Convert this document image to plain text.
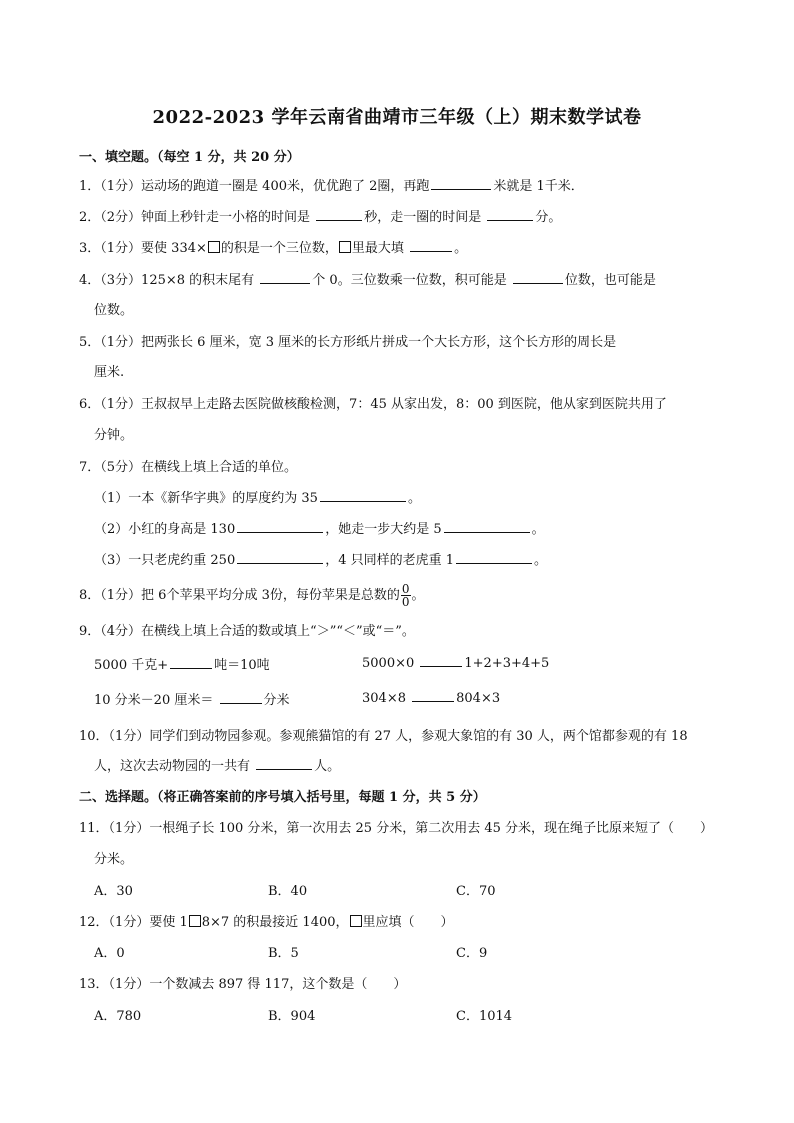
2022-2023 学年云南省曲靖市三年级（上）期末数学试卷
一、填空题。（每空 1 分，共 20 分）
1．（1分）运动场的跑道一圈是 400米，优优跑了 2圈，再跑	米就是 1千米．
2．（2分）钟面上秒针走一小格的时间是	秒，走一圈的时间是	分。
3．（1分）要使 334× 的积是一个三位数， 里最大填	。
4．（3分）125×8 的积末尾有	个 0。三位数乘一位数，积可能是	位数，也可能是
位数。
5．（1分）把两张长 6 厘米，宽 3 厘米的长方形纸片拼成一个大长方形，这个长方形的周长是
厘米.
6．（1分）王叔叔早上走路去医院做核酸检测，7：45 从家出发，8：00 到医院，他从家到医院共用了
分钟。
7．（5分）在横线上填上合适的单位。
（1）一本《新华字典》的厚度约为 35	。
（2）小红的身高是 130	，她走一步大约是 5	。
（3）一只老虎约重 250	，4 只同样的老虎重 1	。
8．（1分）把 6个苹果平均分成 3份，每份苹果是总数的 $\frac{0}{0}$ 。
9．（4分）在横线上填上合适的数或填上“＞”“＜”或“＝”。
5000 千克+	吨＝10吨	5000×0	1+2+3+4+5
10 分米－20 厘米＝	分米	304×8	804×3
10．（1分）同学们到动物园参观。参观熊猫馆的有 27 人，参观大象馆的有 30 人，两个馆都参观的有 18
人，这次去动物园的一共有	人。
二、选择题。（将正确答案前的序号填入括号里，每题 1 分，共 5 分）
11．（1分）一根绳子长 100 分米，第一次用去 25 分米，第二次用去 45 分米，现在绳子比原来短了（　　）
分米。
A．30	B．40	C．70
12．（1分）要使 1 8×7 的积最接近 1400， 里应填（　　）
A．0	B．5	C．9
13．（1分）一个数减去 897 得 117，这个数是（　　）
A．780	B．904	C．1014
